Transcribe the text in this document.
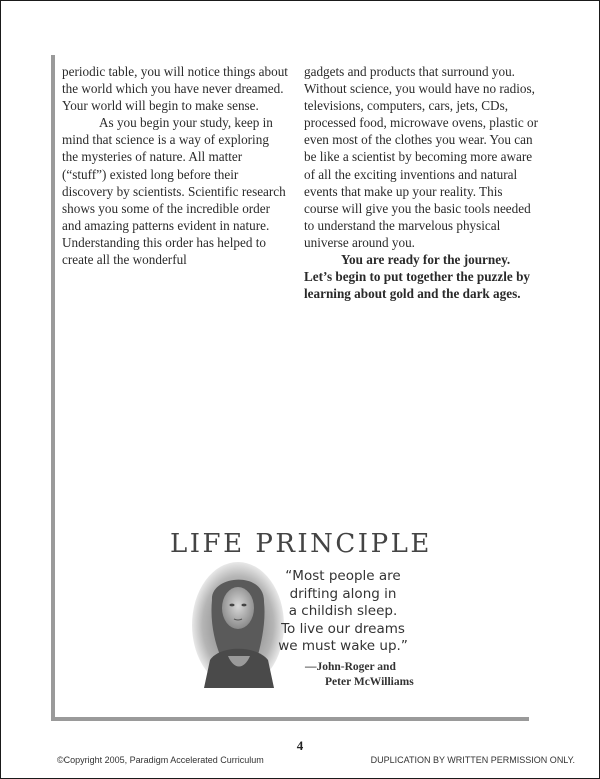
periodic table, you will notice things about the world which you have never dreamed. Your world will begin to make sense.

As you begin your study, keep in mind that science is a way of exploring the mysteries of nature. All matter (“stuff”) existed long before their discovery by scientists. Scientific research shows you some of the incredible order and amazing patterns evident in nature. Understanding this order has helped to create all the wonderful

gadgets and products that surround you. Without science, you would have no radios, televisions, computers, cars, jets, CDs, processed food, microwave ovens, plastic or even most of the clothes you wear. You can be like a scientist by becoming more aware of all the exciting inventions and natural events that make up your reality. This course will give you the basic tools needed to understand the marvelous physical universe around you.

You are ready for the journey. Let’s begin to put together the puzzle by learning about gold and the dark ages.

LIFE PRINCIPLE
“Most people are
drifting along in
a childish sleep.
To live our dreams
we must wake up.”
—John-Roger and
Peter McWilliams
4
©Copyright 2005, Paradigm Accelerated Curriculum	DUPLICATION BY WRITTEN PERMISSION ONLY.
